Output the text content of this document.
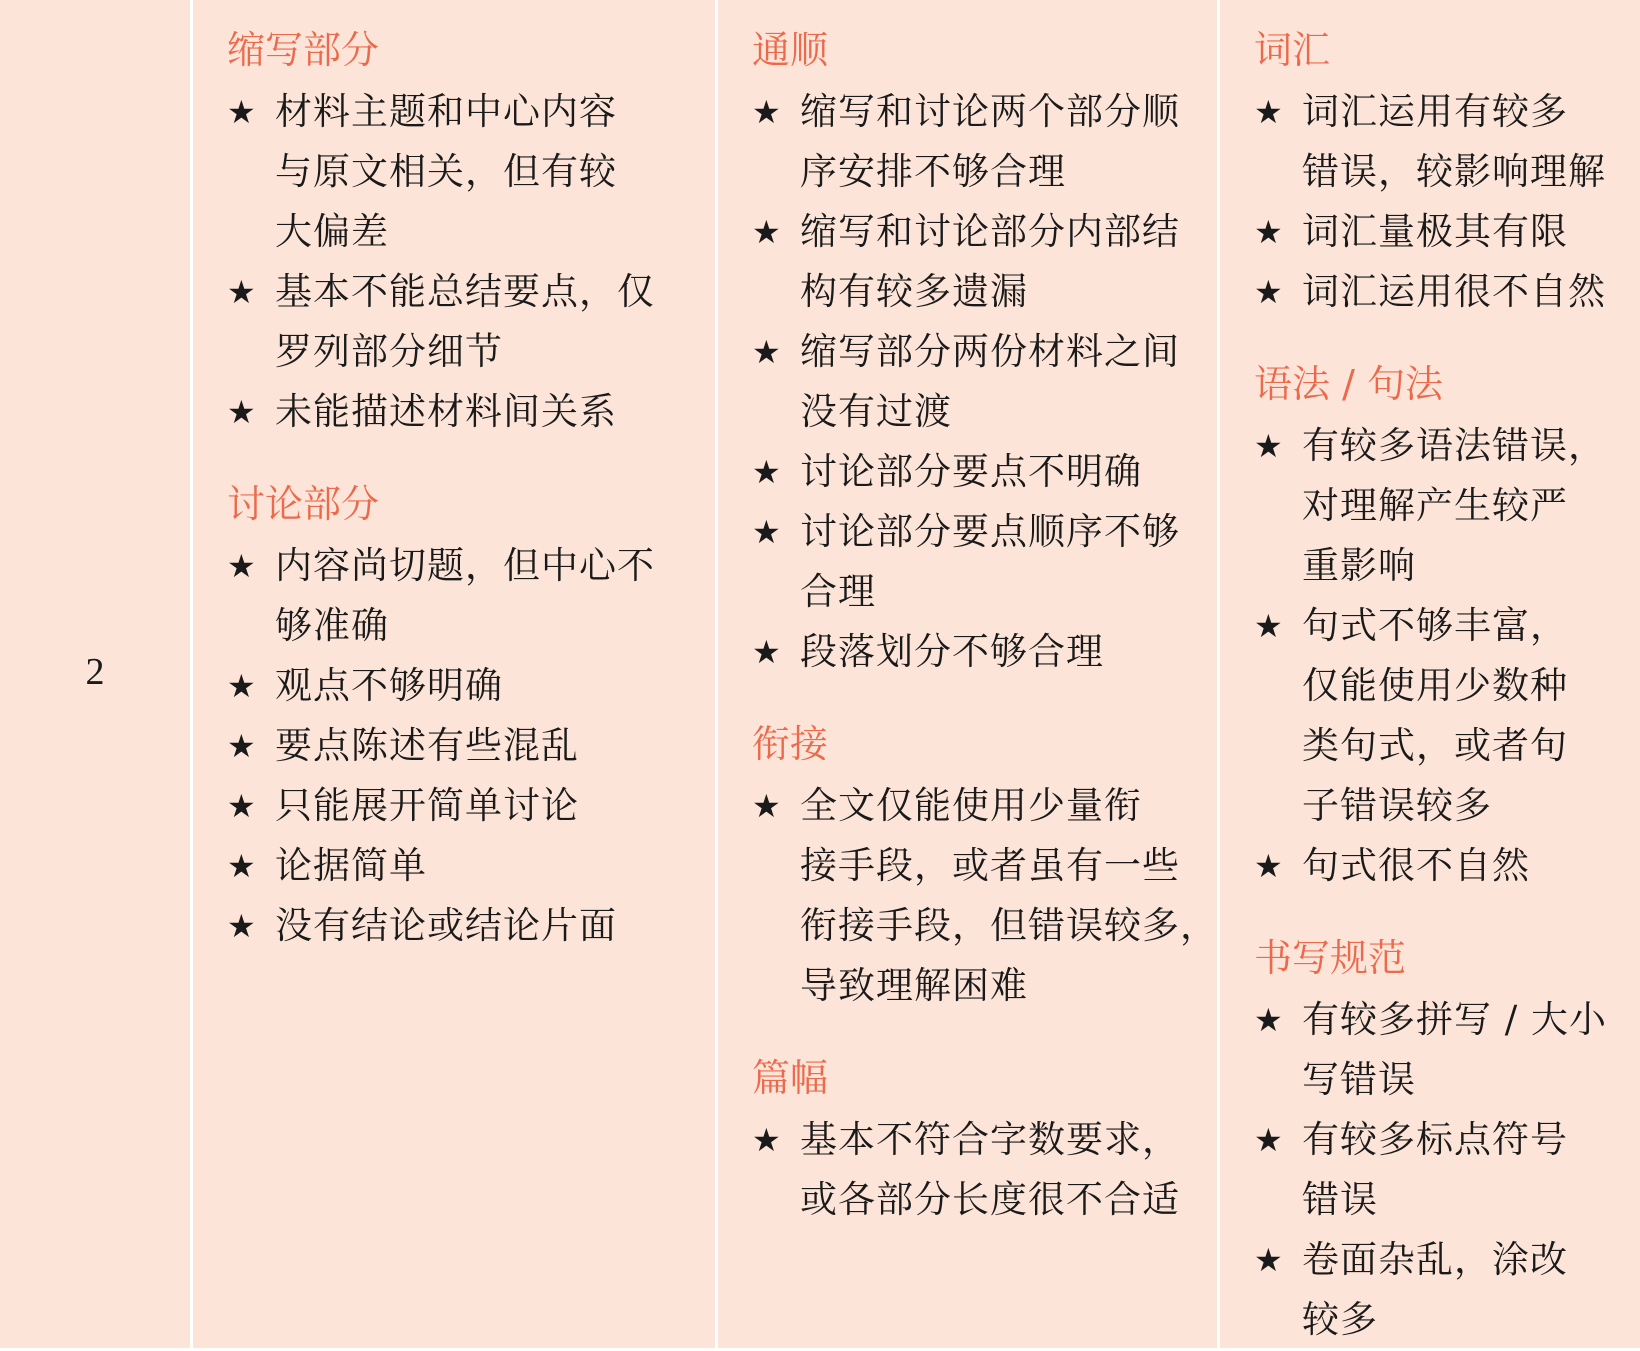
2
缩写部分
★ 材料主题和中心内容
与原文相关，但有较
大偏差
★ 基本不能总结要点，仅
罗列部分细节
★ 未能描述材料间关系
讨论部分
★ 内容尚切题，但中心不
够准确
★ 观点不够明确
★ 要点陈述有些混乱
★ 只能展开简单讨论
★ 论据简单
★ 没有结论或结论片面
通顺
★ 缩写和讨论两个部分顺
序安排不够合理
★ 缩写和讨论部分内部结
构有较多遗漏
★ 缩写部分两份材料之间
没有过渡
★ 讨论部分要点不明确
★ 讨论部分要点顺序不够
合理
★ 段落划分不够合理
衔接
★ 全文仅能使用少量衔
接手段，或者虽有一些
衔接手段，但错误较多，
导致理解困难
篇幅
★ 基本不符合字数要求，
或各部分长度很不合适
词汇
★ 词汇运用有较多
错误，较影响理解
★ 词汇量极其有限
★ 词汇运用很不自然
语法 / 句法
★ 有较多语法错误，
对理解产生较严
重影响
★ 句式不够丰富，
仅能使用少数种
类句式，或者句
子错误较多
★ 句式很不自然
书写规范
★ 有较多拼写 / 大小
写错误
★ 有较多标点符号
错误
★ 卷面杂乱，涂改
较多
